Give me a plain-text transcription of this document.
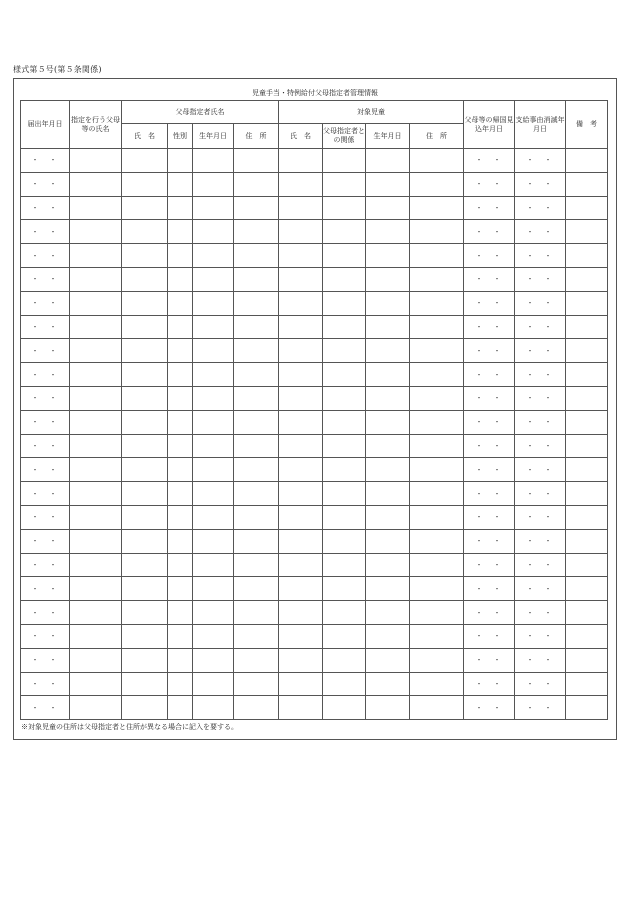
様式第５号(第５条関係)
児童手当・特例給付父母指定者管理情報
届出年月日	指定を行う父母等の氏名	父母指定者氏名				対象児童				父母等の帰国見込年月日	支給事由消滅年月日	備　考
		氏　名	性別	生年月日	住　所	氏　名	父母指定者との関係	生年月日	住　所			
・　・										・　・	・　・	
・　・										・　・	・　・	
・　・										・　・	・　・	
・　・										・　・	・　・	
・　・										・　・	・　・	
・　・										・　・	・　・	
・　・										・　・	・　・	
・　・										・　・	・　・	
・　・										・　・	・　・	
・　・										・　・	・　・	
・　・										・　・	・　・	
・　・										・　・	・　・	
・　・										・　・	・　・	
・　・										・　・	・　・	
・　・										・　・	・　・	
・　・										・　・	・　・	
・　・										・　・	・　・	
・　・										・　・	・　・	
・　・										・　・	・　・	
・　・										・　・	・　・	
・　・										・　・	・　・	
・　・										・　・	・　・	
・　・										・　・	・　・	
・　・										・　・	・　・	
※対象児童の住所は父母指定者と住所が異なる場合に記入を要する。
